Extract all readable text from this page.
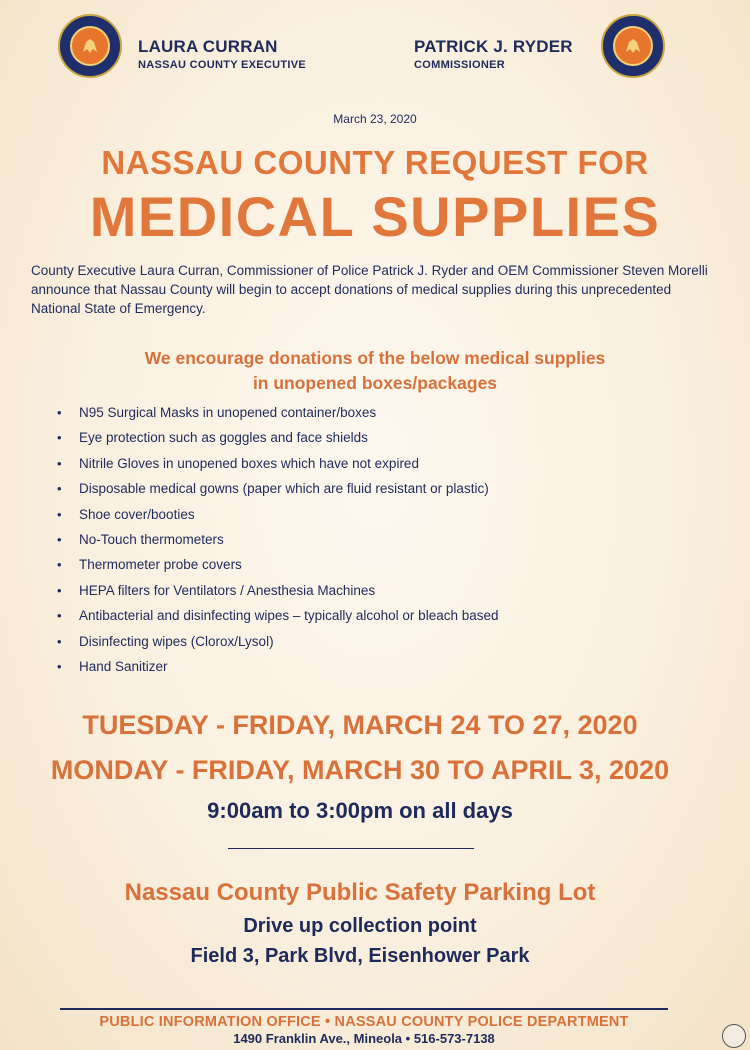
LAURA CURRAN
NASSAU COUNTY EXECUTIVE
PATRICK J. RYDER
COMMISSIONER
March 23, 2020
NASSAU COUNTY REQUEST FOR
MEDICAL SUPPLIES
County Executive Laura Curran, Commissioner of Police Patrick J. Ryder and OEM Commissioner Steven Morelli announce that Nassau County will begin to accept donations of medical supplies during this unprecedented National State of Emergency.
We encourage donations of the below medical supplies
in unopened boxes/packages
• N95 Surgical Masks in unopened container/boxes
• Eye protection such as goggles and face shields
• Nitrile Gloves in unopened boxes which have not expired
• Disposable medical gowns (paper which are fluid resistant or plastic)
• Shoe cover/booties
• No-Touch thermometers
• Thermometer probe covers
• HEPA filters for Ventilators / Anesthesia Machines
• Antibacterial and disinfecting wipes – typically alcohol or bleach based
• Disinfecting wipes (Clorox/Lysol)
• Hand Sanitizer
TUESDAY - FRIDAY, MARCH 24 TO 27, 2020
MONDAY - FRIDAY, MARCH 30 TO APRIL 3, 2020
9:00am to 3:00pm on all days
Nassau County Public Safety Parking Lot
Drive up collection point
Field 3, Park Blvd, Eisenhower Park
PUBLIC INFORMATION OFFICE • NASSAU COUNTY POLICE DEPARTMENT
1490 Franklin Ave., Mineola • 516-573-7138
